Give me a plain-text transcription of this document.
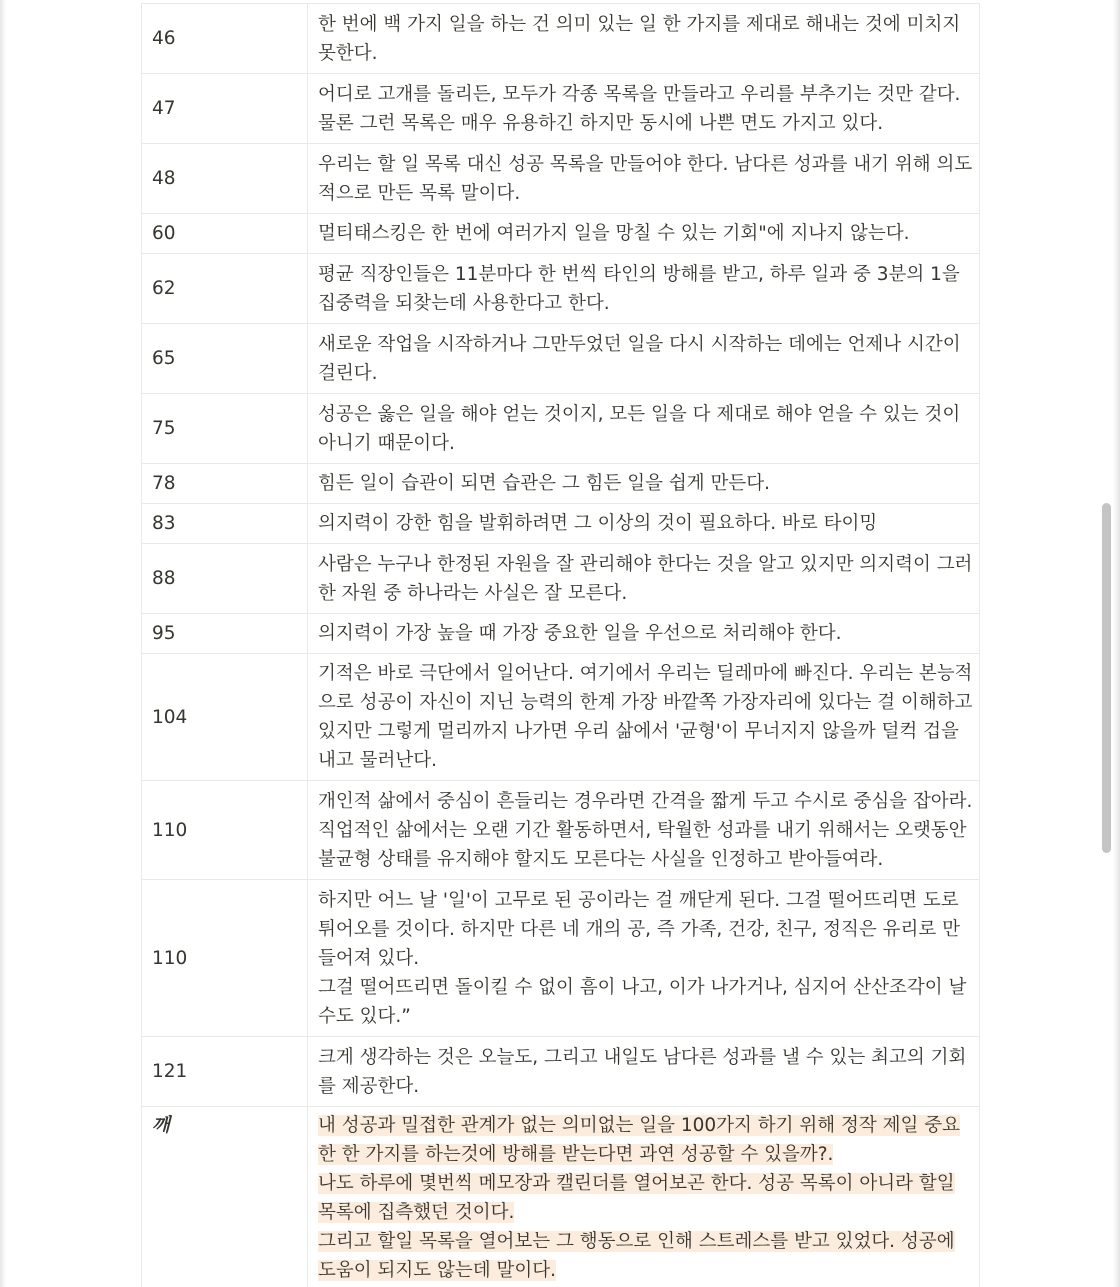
46	한 번에 백 가지 일을 하는 건 의미 있는 일 한 가지를 제대로 해내는 것에 미치지 못한다.
47	어디로 고개를 돌리든, 모두가 각종 목록을 만들라고 우리를 부추기는 것만 같다. 물론 그런 목록은 매우 유용하긴 하지만 동시에 나쁜 면도 가지고 있다.
48	우리는 할 일 목록 대신 성공 목록을 만들어야 한다. 남다른 성과를 내기 위해 의도적으로 만든 목록 말이다.
60	멀티태스킹은 한 번에 여러가지 일을 망칠 수 있는 기회"에 지나지 않는다.
62	평균 직장인들은 11분마다 한 번씩 타인의 방해를 받고, 하루 일과 중 3분의 1을 집중력을 되찾는데 사용한다고 한다.
65	새로운 작업을 시작하거나 그만두었던 일을 다시 시작하는 데에는 언제나 시간이 걸린다.
75	성공은 옳은 일을 해야 얻는 것이지, 모든 일을 다 제대로 해야 얻을 수 있는 것이 아니기 때문이다.
78	힘든 일이 습관이 되면 습관은 그 힘든 일을 쉽게 만든다.
83	의지력이 강한 힘을 발휘하려면 그 이상의 것이 필요하다. 바로 타이밍
88	사람은 누구나 한정된 자원을 잘 관리해야 한다는 것을 알고 있지만 의지력이 그러한 자원 중 하나라는 사실은 잘 모른다.
95	의지력이 가장 높을 때 가장 중요한 일을 우선으로 처리해야 한다.
104	기적은 바로 극단에서 일어난다. 여기에서 우리는 딜레마에 빠진다. 우리는 본능적으로 성공이 자신이 지닌 능력의 한계 가장 바깥쪽 가장자리에 있다는 걸 이해하고 있지만 그렇게 멀리까지 나가면 우리 삶에서 '균형'이 무너지지 않을까 덜컥 겁을 내고 물러난다.
110	개인적 삶에서 중심이 흔들리는 경우라면 간격을 짧게 두고 수시로 중심을 잡아라. 직업적인 삶에서는 오랜 기간 활동하면서, 탁월한 성과를 내기 위해서는 오랫동안 불균형 상태를 유지해야 할지도 모른다는 사실을 인정하고 받아들여라.
110	하지만 어느 날 '일'이 고무로 된 공이라는 걸 깨닫게 된다. 그걸 떨어뜨리면 도로 튀어오를 것이다. 하지만 다른 네 개의 공, 즉 가족, 건강, 친구, 정직은 유리로 만들어져 있다.
그걸 떨어뜨리면 돌이킬 수 없이 흠이 나고, 이가 나가거나, 심지어 산산조각이 날 수도 있다.”

121	크게 생각하는 것은 오늘도, 그리고 내일도 남다른 성과를 낼 수 있는 최고의 기회를 제공한다.
깨	내 성공과 밀접한 관계가 없는 의미없는 일을 100가지 하기 위해 정작 제일 중요한 한 가지를 하는것에 방해를 받는다면 과연 성공할 수 있을까?.
나도 하루에 몇번씩 메모장과 캘린더를 열어보곤 한다. 성공 목록이 아니라 할일 목록에 집측했던 것이다.
그리고 할일 목록을 열어보는 그 행동으로 인해 스트레스를 받고 있었다. 성공에 도움이 되지도 않는데 말이다.
